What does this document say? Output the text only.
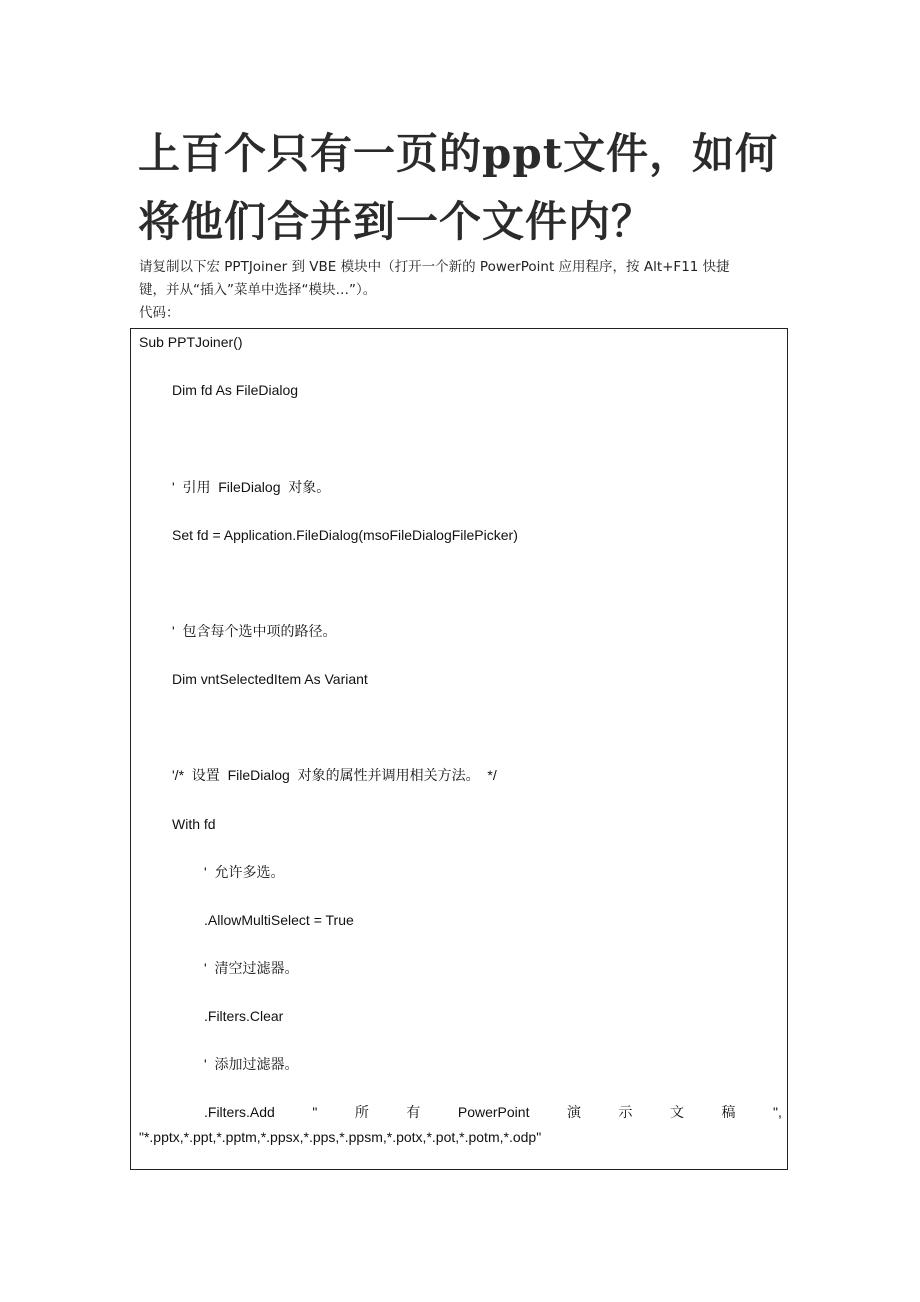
上百个只有一页的ppt文件，如何将他们合并到一个文件内？

请复制以下宏 PPTJoiner 到 VBE 模块中（打开一个新的 PowerPoint 应用程序，按 Alt+F11 快捷

键，并从“插入”菜单中选择“模块…”）。

代码：

Sub PPTJoiner()
Dim fd As FileDialog
'  引用  FileDialog  对象。
Set fd = Application.FileDialog(msoFileDialogFilePicker)
'  包含每个选中项的路径。
Dim vntSelectedItem As Variant
'/*  设置  FileDialog  对象的属性并调用相关方法。  */
With fd
'  允许多选。
.AllowMultiSelect = True
'  清空过滤器。
.Filters.Clear
'  添加过滤器。
.Filters.Add	"	所	有	PowerPoint	演	示	文	稿	",
"*.pptx,*.ppt,*.pptm,*.ppsx,*.pps,*.ppsm,*.potx,*.pot,*.potm,*.odp"
